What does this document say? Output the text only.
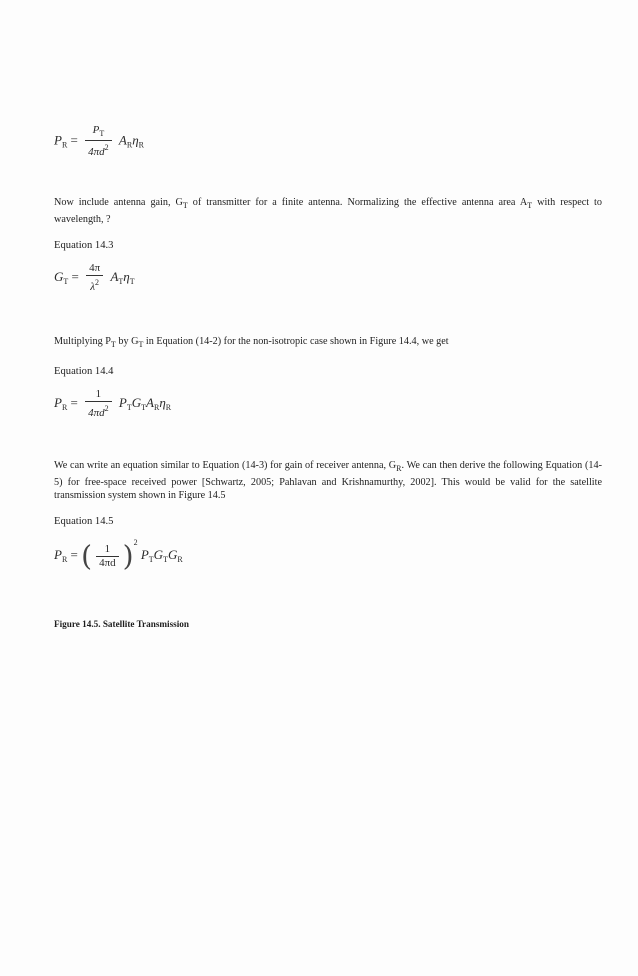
$P_R = \frac{P_T}{4\pi d^2} A_R\eta_R$
Now include antenna gain, $G_T$ of transmitter for a finite antenna. Normalizing the effective antenna area $A_T$ with respect to wavelength, ?
Equation 14.3
$G_T = \frac{4\pi}{\lambda^2} A_T\eta_T$
Multiplying $P_T$ by $G_T$ in Equation (14-2) for the non-isotropic case shown in Figure 14.4, we get
Equation 14.4
$P_R = \frac{1}{4\pi d^2} P_TG_TA_R\eta_R$
We can write an equation similar to Equation (14-3) for gain of receiver antenna, $G_R$. We can then derive the following Equation (14-5) for free-space received power [Schwartz, 2005; Pahlavan and Krishnamurthy, 2002]. This would be valid for the satellite transmission system shown in Figure 14.5
Equation 14.5
$P_R$ = ( $\frac{1}{4\pi d} )^2$ $P_TG_TG_R$
Figure 14.5. Satellite Transmission
